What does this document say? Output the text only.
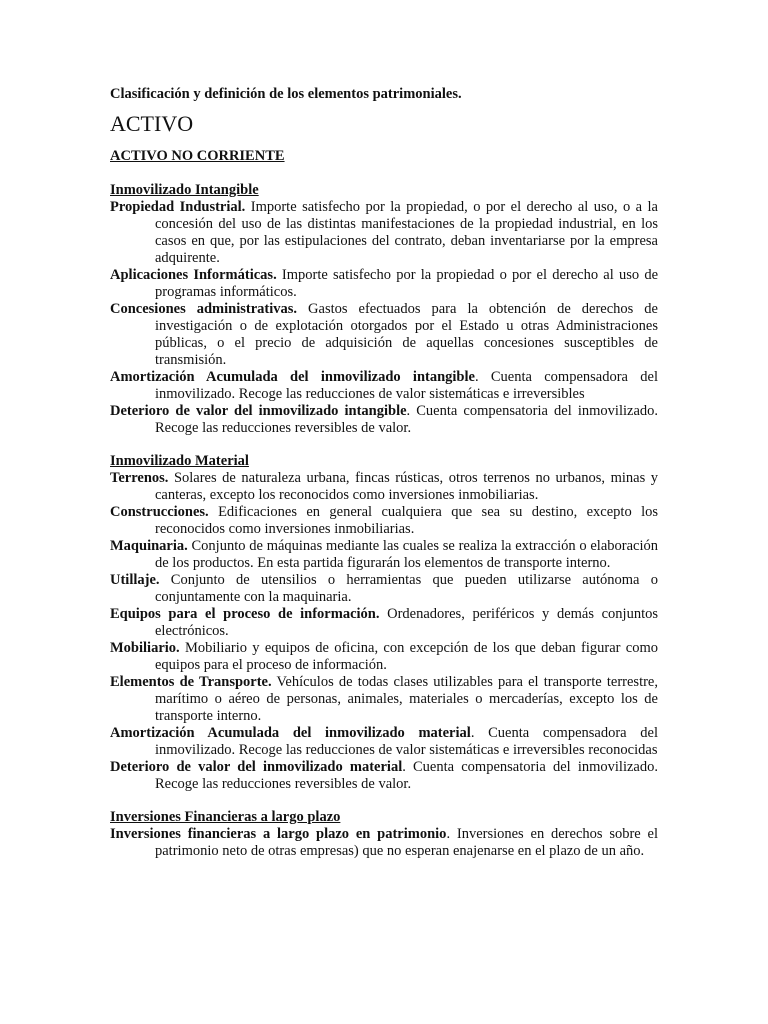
Clasificación y definición de los elementos patrimoniales.

ACTIVO
ACTIVO NO CORRIENTE
Inmovilizado Intangible
Propiedad Industrial. Importe satisfecho por la propiedad, o por el derecho al uso, o a la concesión del uso de las distintas manifestaciones de la propiedad industrial, en los casos en que, por las estipulaciones del contrato, deban inventariarse por la empresa adquirente.
Aplicaciones Informáticas. Importe satisfecho por la propiedad o por el derecho al uso de programas informáticos.
Concesiones administrativas. Gastos efectuados para la obtención de derechos de investigación o de explotación otorgados por el Estado u otras Administraciones públicas, o el precio de adquisición de aquellas concesiones susceptibles de transmisión.
Amortización Acumulada del inmovilizado intangible. Cuenta compensadora del inmovilizado. Recoge las reducciones de valor sistemáticas e irreversibles
Deterioro de valor del inmovilizado intangible. Cuenta compensatoria del inmovilizado. Recoge las reducciones reversibles de valor.
Inmovilizado Material
Terrenos. Solares de naturaleza urbana, fincas rústicas, otros terrenos no urbanos, minas y canteras, excepto los reconocidos como inversiones inmobiliarias.
Construcciones. Edificaciones en general cualquiera que sea su destino, excepto los reconocidos como inversiones inmobiliarias.
Maquinaria. Conjunto de máquinas mediante las cuales se realiza la extracción o elaboración de los productos. En esta partida figurarán los elementos de transporte interno.
Utillaje. Conjunto de utensilios o herramientas que pueden utilizarse autónoma o conjuntamente con la maquinaria.
Equipos para el proceso de información. Ordenadores, periféricos y demás conjuntos electrónicos.
Mobiliario. Mobiliario y equipos de oficina, con excepción de los que deban figurar como equipos para el proceso de información.
Elementos de Transporte. Vehículos de todas clases utilizables para el transporte terrestre, marítimo o aéreo de personas, animales, materiales o mercaderías, excepto los de transporte interno.
Amortización Acumulada del inmovilizado material. Cuenta compensadora del inmovilizado. Recoge las reducciones de valor sistemáticas e irreversibles reconocidas
Deterioro de valor del inmovilizado material. Cuenta compensatoria del inmovilizado. Recoge las reducciones reversibles de valor.
Inversiones Financieras a largo plazo
Inversiones financieras a largo plazo en patrimonio. Inversiones en derechos sobre el patrimonio neto de otras empresas) que no esperan enajenarse en el plazo de un año.
